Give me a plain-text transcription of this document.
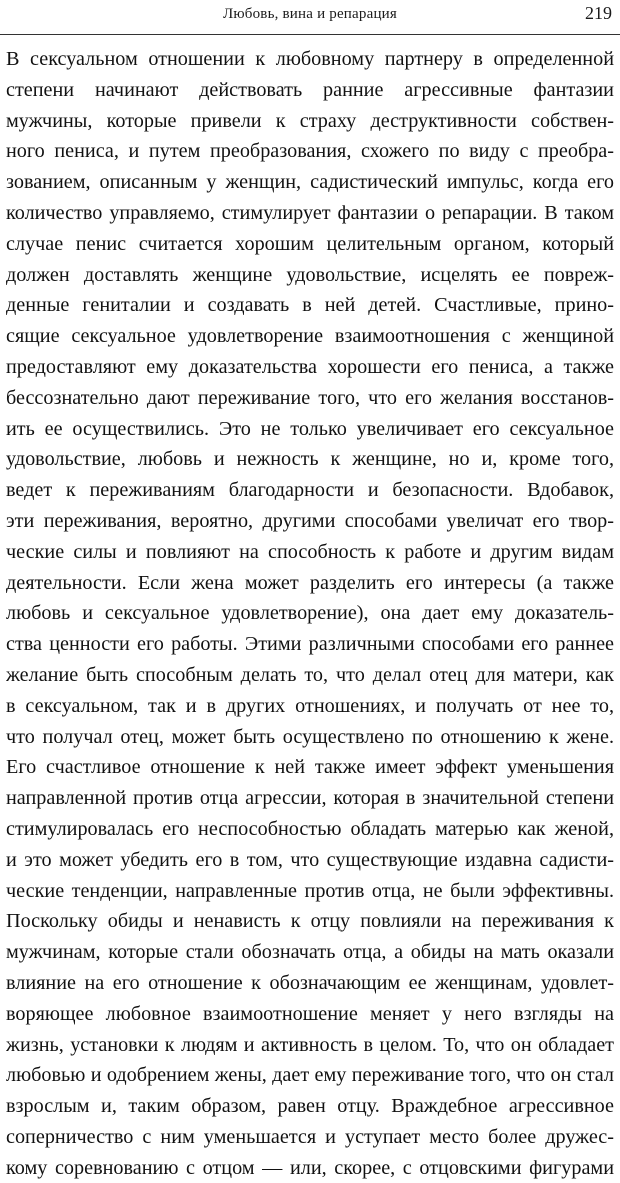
Любовь, вина и репарация	219
В сексуальном отношении к любовному партнеру в определенной
степени начинают действовать ранние агрессивные фантазии
мужчины, которые привели к страху деструктивности собствен-
ного пениса, и путем преобразования, схожего по виду с преобра-
зованием, описанным у женщин, садистический импульс, когда его
количество управляемо, стимулирует фантазии о репарации. В таком
случае пенис считается хорошим целительным органом, который
должен доставлять женщине удовольствие, исцелять ее повреж-
денные гениталии и создавать в ней детей. Счастливые, прино-
сящие сексуальное удовлетворение взаимоотношения с женщиной
предоставляют ему доказательства хорошести его пениса, а также
бессознательно дают переживание того, что его желания восстанов-
ить ее осуществились. Это не только увеличивает его сексуальное
удовольствие, любовь и нежность к женщине, но и, кроме того,
ведет к переживаниям благодарности и безопасности. Вдобавок,
эти переживания, вероятно, другими способами увеличат его твор-
ческие силы и повлияют на способность к работе и другим видам
деятельности. Если жена может разделить его интересы (а также
любовь и сексуальное удовлетворение), она дает ему доказатель-
ства ценности его работы. Этими различными способами его раннее
желание быть способным делать то, что делал отец для матери, как
в сексуальном, так и в других отношениях, и получать от нее то,
что получал отец, может быть осуществлено по отношению к жене.
Его счастливое отношение к ней также имеет эффект уменьшения
направленной против отца агрессии, которая в значительной степени
стимулировалась его неспособностью обладать матерью как женой,
и это может убедить его в том, что существующие издавна садисти-
ческие тенденции, направленные против отца, не были эффективны.
Поскольку обиды и ненависть к отцу повлияли на переживания к
мужчинам, которые стали обозначать отца, а обиды на мать оказали
влияние на его отношение к обозначающим ее женщинам, удовлет-
воряющее любовное взаимоотношение меняет у него взгляды на
жизнь, установки к людям и активность в целом. То, что он обладает
любовью и одобрением жены, дает ему переживание того, что он стал
взрослым и, таким образом, равен отцу. Враждебное агрессивное
соперничество с ним уменьшается и уступает место более дружес-
кому соревнованию с отцом — или, скорее, с отцовскими фигурами
